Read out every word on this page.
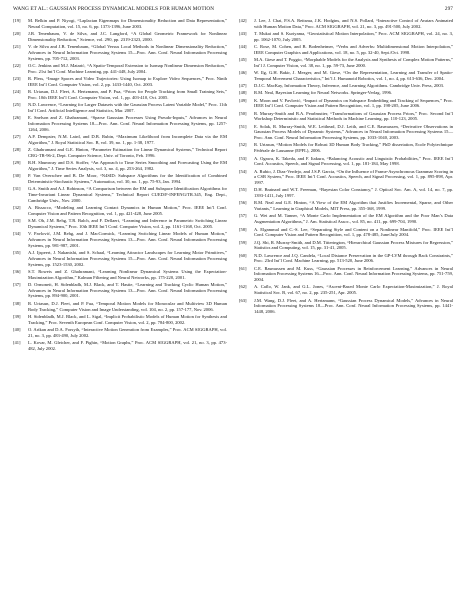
WANG ET AL.: GAUSSIAN PROCESS DYNAMICAL MODELS FOR HUMAN MOTION	297
[19] M. Belkin and P. Niyogi, “Laplacian Eigenmaps for Dimensionality Reduction and Data Representation,” Neural Computation, vol. 15, no. 6, pp. 1373-1396, June 2003.
[20] J.B. Tenenbaum, V. de Silva, and J.C. Langford, “A Global Geometric Framework for Nonlinear Dimensionality Reduction,” Science, vol. 290, pp. 2319-2323, 2000.
[21] V. de Silva and J.B. Tenenbaum, “Global Versus Local Methods in Nonlinear Dimensionality Reduction,” Advances in Neural Information Processing Systems 15—Proc. Ann. Conf. Neural Information Processing Systems, pp. 705-712, 2003.
[22] O.C. Jenkins and M.J. Matarić, “A Spatio-Temporal Extension to Isomap Nonlinear Dimension Reduction,” Proc. 21st Int’l Conf. Machine Learning, pp. 441-448, July 2004.
[23] R. Pless, “Image Spaces and Video Trajectories: Using Isomap to Explore Video Sequences,” Proc. Ninth IEEE Int’l Conf. Computer Vision, vol. 2, pp. 1433-1440, Oct. 2003.
[24] R. Urtasun, D.J. Fleet, A. Hertzmann, and P. Fua, “Priors for People Tracking from Small Training Sets,” Proc. 10th IEEE Int’l Conf. Computer Vision, vol. 1, pp. 403-410, Oct. 2005.
[25] N.D. Lawrence, “Learning for Larger Datasets with the Gaussian Process Latent Variable Model,” Proc. 11th Int’l Conf. Artificial Intelligence and Statistics, Mar. 2007.
[26] E. Snelson and Z. Ghahramani, “Sparse Gaussian Processes Using Pseudo-Inputs,” Advances in Neural Information Processing Systems 18—Proc. Ann. Conf. Neural Information Processing Systems, pp. 1257-1264, 2006.
[27] A.P. Dempster, N.M. Laird, and D.B. Rubin, “Maximum Likelihood from Incomplete Data via the EM Algorithm,” J. Royal Statistical Soc. B, vol. 39, no. 1, pp. 1-38, 1977.
[28] Z. Ghahramani and G.E. Hinton, “Parameter Estimation for Linear Dynamical Systems,” Technical Report CRG-TR-96-2, Dept. Computer Science, Univ. of Toronto, Feb. 1996.
[29] R.H. Shumway and D.S. Stoffer, “An Approach to Time Series Smoothing and Forecasting Using the EM Algorithm,” J. Time Series Analysis, vol. 3, no. 4, pp. 253-264, 1982.
[30] P. Van Overschee and B. De Moor, “N4SID: Subspace Algorithms for the Identification of Combined Deterministic-Stochastic Systems,” Automatica, vol. 30, no. 1, pp. 75-93, Jan. 1994.
[31] G.A. Smith and A.J. Robinson, “A Comparison between the EM and Subspace Identification Algorithms for Time-Invariant Linear Dynamical Systems,” Technical Report CUED/F-INFENG/TR.345, Eng. Dept., Cambridge Univ., Nov. 2000.
[32] A. Bissacco, “Modeling and Learning Contact Dynamics in Human Motion,” Proc. IEEE Int’l Conf. Computer Vision and Pattern Recognition, vol. 1, pp. 421-428, June 2005.
[33] S.M. Oh, J.M. Rehg, T.R. Balch, and F. Dellaert, “Learning and Inference in Parametric Switching Linear Dynamical Systems,” Proc. 10th IEEE Int’l Conf. Computer Vision, vol. 2, pp. 1161-1168, Oct. 2005.
[34] V. Pavlović, J.M. Rehg, and J. MacCormick, “Learning Switching Linear Models of Human Motion,” Advances in Neural Information Processing Systems 13—Proc. Ann. Conf. Neural Information Processing Systems, pp. 981-987, 2001.
[35] A.J. Ijspeert, J. Nakanishi, and S. Schaal, “Learning Attractor Landscapes for Learning Motor Primitives,” Advances in Neural Information Processing Systems 15—Proc. Ann. Conf. Neural Information Processing Systems, pp. 1523-1530, 2002.
[36] S.T. Roweis and Z. Ghahramani, “Learning Nonlinear Dynamical Systems Using the Expectation-Maximization Algorithm,” Kalman Filtering and Neural Networks, pp. 175-220, 2001.
[37] D. Ormoneit, H. Sidenbladh, M.J. Black, and T. Hastie, “Learning and Tracking Cyclic Human Motion,” Advances in Neural Information Processing Systems 13—Proc. Ann. Conf. Neural Information Processing Systems, pp. 894-900, 2001.
[38] R. Urtasun, D.J. Fleet, and P. Fua, “Temporal Motion Models for Monocular and Multiview 3D Human Body Tracking,” Computer Vision and Image Understanding, vol. 104, no. 2, pp. 157-177, Nov. 2006.
[39] H. Sidenbladh, M.J. Black, and L. Sigal, “Implicit Probabilistic Models of Human Motion for Synthesis and Tracking,” Proc. Seventh European Conf. Computer Vision, vol. 2, pp. 784-800, 2002.
[40] O. Arikan and D.A. Forsyth, “Interactive Motion Generation from Examples,” Proc. ACM SIGGRAPH, vol. 21, no. 3, pp. 483-490, July 2002.
[41] L. Kovar, M. Gleicher, and F. Pighin, “Motion Graphs,” Proc. ACM SIGGRAPH, vol. 21, no. 3, pp. 473-482, July 2002.
[42] J. Lee, J. Chai, P.S.A. Reitsma, J.K. Hodgins, and N.S. Pollard, “Interactive Control of Avatars Animated with Human Motion Data,” Proc. ACM SIGGRAPH, vol. 21, no. 3, pp. 491-500, July 2002.
[43] T. Mukai and S. Kuriyama, “Geostatistical Motion Interpolation,” Proc. ACM SIGGRAPH, vol. 24, no. 3, pp. 1062-1070, July 2005.
[44] C. Rose, M. Cohen, and B. Bodenheimer, “Verbs and Adverbs: Multidimensional Motion Interpolation,” IEEE Computer Graphics and Applications, vol. 18, no. 5, pp. 32-40, Sept./Oct. 1998.
[45] M.A. Giese and T. Poggio, “Morphable Models for the Analysis and Synthesis of Complex Motion Patterns,” Int’l J. Computer Vision, vol. 38, no. 1, pp. 59-73, June 2000.
[46] W. Ilg, G.H. Bakir, J. Mezger, and M. Giese, “On the Representation, Learning and Transfer of Spatio-Temporal Movement Characteristics,” Int’l J. Humanoid Robotics, vol. 1, no. 4, pp. 613-636, Dec. 2004.
[47] D.J.C. MacKay, Information Theory, Inference, and Learning Algorithms. Cambridge Univ. Press, 2003.
[48] R.M. Neal, Bayesian Learning for Neural Networks. Springer-Verlag, 1996.
[49] K. Moon and V. Pavlović, “Impact of Dynamics on Subspace Embedding and Tracking of Sequences,” Proc. IEEE Int’l Conf. Computer Vision and Pattern Recognition, vol. 1, pp. 198-205, June 2006.
[50] R. Murray-Smith and B.A. Pearlmutter, “Transformations of Gaussian Process Priors,” Proc. Second Int’l Workshop Deterministic and Statistical Methods in Machine Learning, pp. 110-123, 2005.
[51] E. Solak, R. Murray-Smith, W.E. Leithead, D.J. Leith, and C.E. Rasmussen, “Derivative Observations in Gaussian Process Models of Dynamic Systems,” Advances in Neural Information Processing Systems 15—Proc. Ann. Conf. Neural Information Processing Systems, pp. 1033-1040, 2003.
[52] R. Urtasun, “Motion Models for Robust 3D Human Body Tracking,” PhD dissertation, Ecole Polytechnique Fédérale de Lausanne (EPFL), 2006.
[53] A. Ogawa, K. Takeda, and F. Itakura, “Balancing Acoustic and Linguistic Probabilities,” Proc. IEEE Int’l Conf. Acoustics, Speech, and Signal Processing, vol. 1, pp. 181-184, May 1998.
[54] A. Rubio, J. Diaz-Verdejo, and J.S.P. Garcia, “On the Influence of Frame-Asynchronous Grammar Scoring in a CSR System,” Proc. IEEE Int’l Conf. Acoustics, Speech, and Signal Processing, vol. 1, pp. 895-898, Apr. 1997.
[55] D.H. Brainard and W.T. Freeman, “Bayesian Color Constancy,” J. Optical Soc. Am. A, vol. 14, no. 7, pp. 1393-1411, July 1997.
[56] R.M. Neal and G.E. Hinton, “A View of the EM Algorithm that Justifies Incremental, Sparse, and Other Variants,” Learning in Graphical Models, MIT Press, pp. 355-368, 1999.
[57] G. Wei and M. Tanner, “A Monte Carlo Implementation of the EM Algorithm and the Poor Man’s Data Augmentation Algorithms,” J. Am. Statistical Assoc., vol. 85, no. 411, pp. 699-704, 1990.
[58] A. Elgammal and C.-S. Lee, “Separating Style and Content on a Nonlinear Manifold,” Proc. IEEE Int’l Conf. Computer Vision and Pattern Recognition, vol. 1, pp. 478-485, June/July 2004.
[59] J.Q. Shi, R. Murray-Smith, and D.M. Titterington, “Hierarchical Gaussian Process Mixtures for Regression,” Statistics and Computing, vol. 15, pp. 31-41, 2005.
[60] N.D. Lawrence and J.Q. Candela, “Local Distance Preservation in the GP-LVM through Back Constraints,” Proc. 23rd Int’l Conf. Machine Learning, pp. 513-520, June 2006.
[61] C.E. Rasmussen and M. Kuss, “Gaussian Processes in Reinforcement Learning,” Advances in Neural Information Processing Systems 16—Proc. Ann. Conf. Neural Information Processing Systems, pp. 751-759, 2004.
[62] A. Caflo, W. Jank, and G.L. Jones, “Ascent-Based Monte Carlo Expectation-Maximization,” J. Royal Statistical Soc. B, vol. 67, no. 2, pp. 235-251, Apr. 2005.
[63] J.M. Wang, D.J. Fleet, and A. Hertzmann, “Gaussian Process Dynamical Models,” Advances in Neural Information Processing Systems 18—Proc. Ann. Conf. Neural Information Processing Systems, pp. 1441-1448, 2006.
